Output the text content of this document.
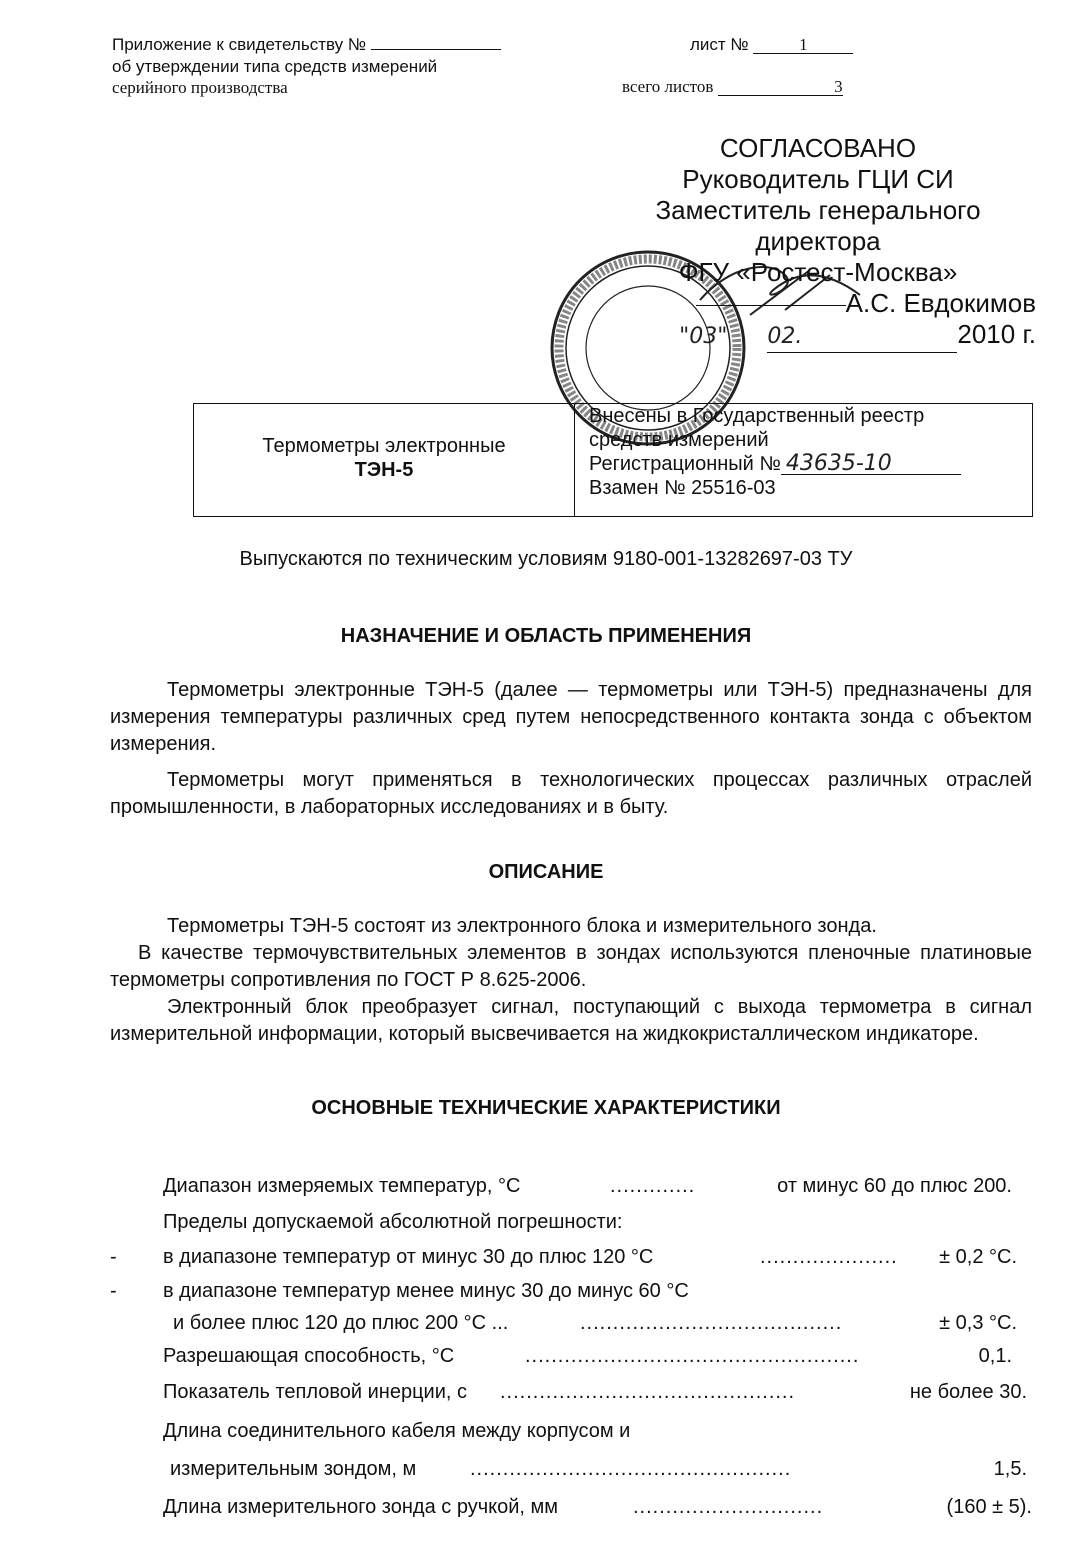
Приложение к свидетельству №
об утверждении типа средств измерений
серийного производства
лист №	1
всего листов	3
СОГЛАСОВАНО
Руководитель ГЦИ СИ
Заместитель генерального
директора
ФГУ «Ростест-Москва»
А.С. Евдокимов
"03" 02.	2010 г.
Термометры электронные
ТЭН-5
Внесены в Государственный реестр
средств измерений
Регистрационный № 43635-10
Взамен № 25516-03
Выпускаются по техническим условиям 9180-001-13282697-03 ТУ
НАЗНАЧЕНИЕ И ОБЛАСТЬ ПРИМЕНЕНИЯ
Термометры электронные ТЭН-5 (далее — термометры или ТЭН-5) предназначены для измерения температуры различных сред путем непосредственного контакта зонда с объектом измерения.
Термометры могут применяться в технологических процессах различных отраслей промышленности, в лабораторных исследованиях и в быту.
ОПИСАНИЕ
Термометры ТЭН-5 состоят из электронного блока и измерительного зонда.
В качестве термочувствительных элементов в зондах используются пленочные платиновые термометры сопротивления по ГОСТ Р 8.625-2006.
Электронный блок преобразует сигнал, поступающий с выхода термометра в сигнал измерительной информации, который высвечивается на жидкокристаллическом индикаторе.
ОСНОВНЫЕ ТЕХНИЧЕСКИЕ ХАРАКТЕРИСТИКИ
Диапазон измеряемых температур, °С	.............	от минус 60 до плюс 200.
Пределы допускаемой абсолютной погрешности:
- в диапазоне температур от минус 30 до плюс 120 °С	..................... ± 0,2 °С.
- в диапазоне температур менее минус 30 до минус 60 °С
и более плюс 120 до плюс 200 °С ...	........................................	± 0,3 °С.
Разрешающая способность, °С	...................................................	0,1.
Показатель тепловой инерции, с .............................................	не более 30.
Длина соединительного кабеля между корпусом и
измерительным зондом, м	.................................................	1,5.
Длина измерительного зонда с ручкой, мм	.............................	(160 ± 5).
